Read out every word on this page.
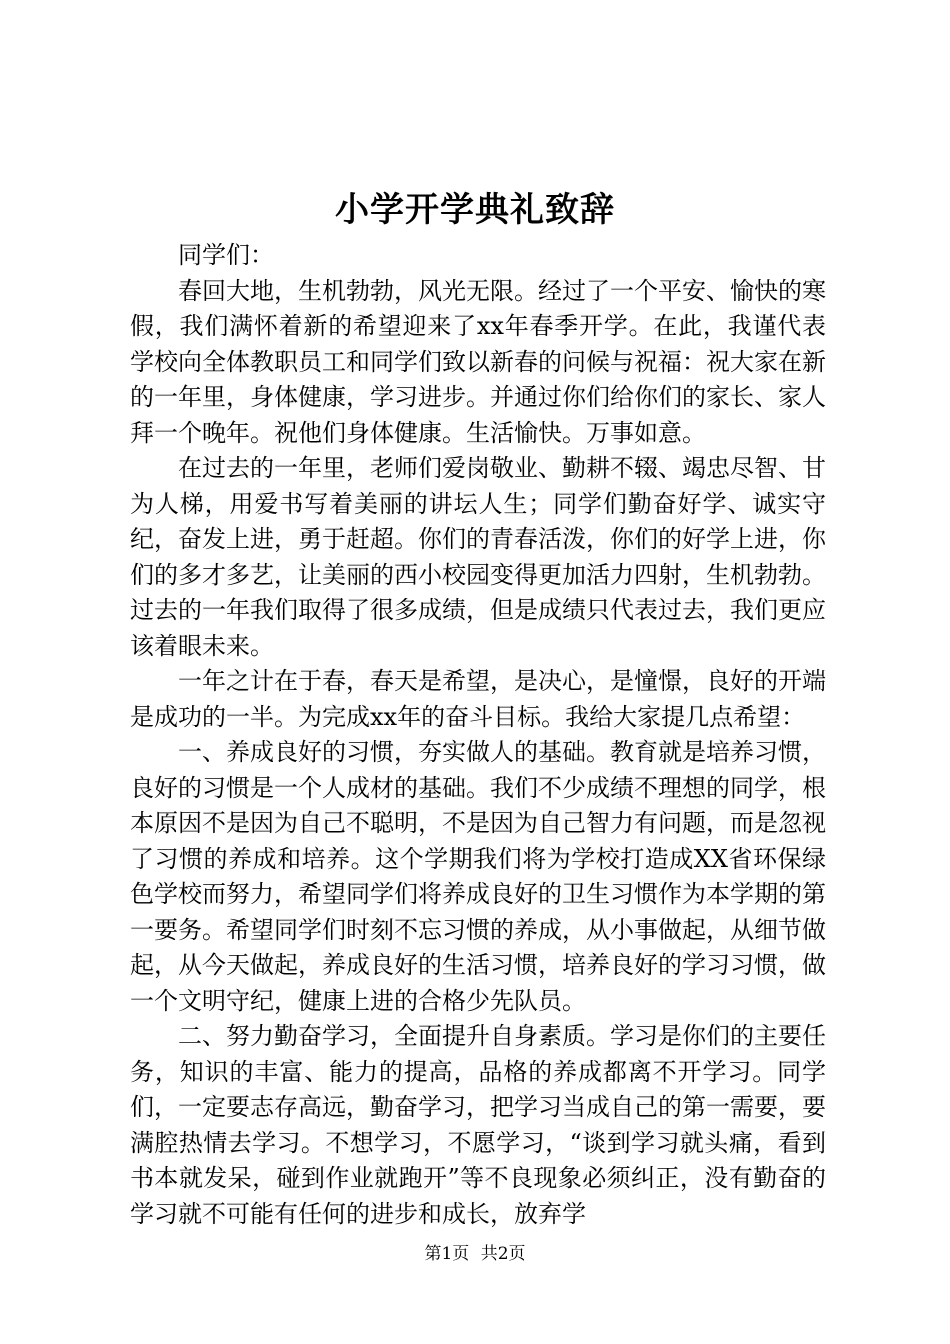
小学开学典礼致辞

同学们：

春回大地，生机勃勃，风光无限。经过了一个平安、愉快的寒假，我们满怀着新的希望迎来了xx年春季开学。在此，我谨代表学校向全体教职员工和同学们致以新春的问候与祝福：祝大家在新的一年里，身体健康，学习进步。并通过你们给你们的家长、家人拜一个晚年。祝他们身体健康。生活愉快。万事如意。

在过去的一年里，老师们爱岗敬业、勤耕不辍、竭忠尽智、甘为人梯，用爱书写着美丽的讲坛人生；同学们勤奋好学、诚实守纪，奋发上进，勇于赶超。你们的青春活泼，你们的好学上进，你们的多才多艺，让美丽的西小校园变得更加活力四射，生机勃勃。过去的一年我们取得了很多成绩，但是成绩只代表过去，我们更应该着眼未来。

一年之计在于春，春天是希望，是决心，是憧憬，良好的开端是成功的一半。为完成xx年的奋斗目标。我给大家提几点希望：

一、养成良好的习惯，夯实做人的基础。教育就是培养习惯，良好的习惯是一个人成材的基础。我们不少成绩不理想的同学，根本原因不是因为自己不聪明，不是因为自己智力有问题，而是忽视了习惯的养成和培养。这个学期我们将为学校打造成XX省环保绿色学校而努力，希望同学们将养成良好的卫生习惯作为本学期的第一要务。希望同学们时刻不忘习惯的养成，从小事做起，从细节做起，从今天做起，养成良好的生活习惯，培养良好的学习习惯，做一个文明守纪，健康上进的合格少先队员。

二、努力勤奋学习，全面提升自身素质。学习是你们的主要任务，知识的丰富、能力的提高，品格的养成都离不开学习。同学们，一定要志存高远，勤奋学习，把学习当成自己的第一需要，要满腔热情去学习。不想学习，不愿学习，“谈到学习就头痛，看到书本就发呆，碰到作业就跑开”等不良现象必须纠正，没有勤奋的学习就不可能有任何的进步和成长，放弃学

第1页 共2页
